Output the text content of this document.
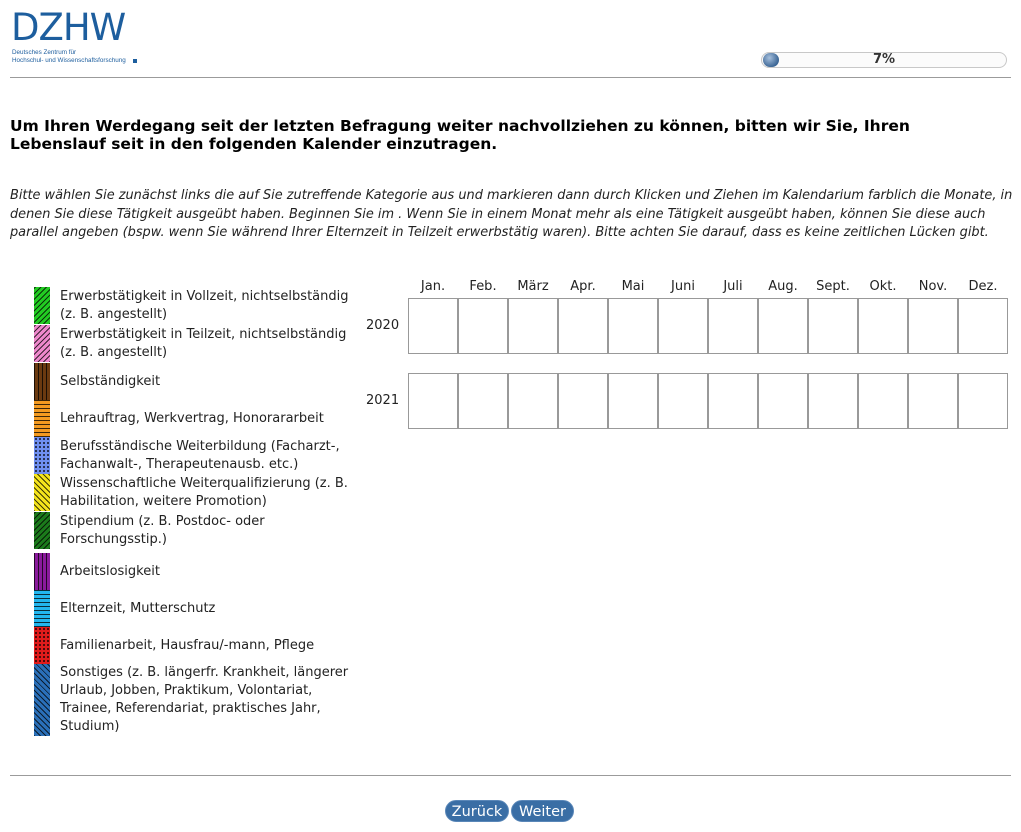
DZHW
Deutsches Zentrum für
Hochschul- und Wissenschaftsforschung	7%
Um Ihren Werdegang seit der letzten Befragung weiter nachvollziehen zu können, bitten wir Sie, Ihren Lebenslauf seit in den folgenden Kalender einzutragen.
Bitte wählen Sie zunächst links die auf Sie zutreffende Kategorie aus und markieren dann durch Klicken und Ziehen im Kalendarium farblich die Monate, in denen Sie diese Tätigkeit ausgeübt haben. Beginnen Sie im . Wenn Sie in einem Monat mehr als eine Tätigkeit ausgeübt haben, können Sie diese auch parallel angeben (bspw. wenn Sie während Ihrer Elternzeit in Teilzeit erwerbstätig waren). Bitte achten Sie darauf, dass es keine zeitlichen Lücken gibt.
Erwerbstätigkeit in Vollzeit, nichtselbständig (z. B. angestellt)
Erwerbstätigkeit in Teilzeit, nichtselbständig (z. B. angestellt)
Selbständigkeit
Lehrauftrag, Werkvertrag, Honorararbeit
Berufsständische Weiterbildung (Facharzt-, Fachanwalt-, Therapeutenausb. etc.)
Wissenschaftliche Weiterqualifizierung (z. B. Habilitation, weitere Promotion)
Stipendium (z. B. Postdoc- oder Forschungsstip.)
Arbeitslosigkeit
Elternzeit, Mutterschutz
Familienarbeit, Hausfrau/-mann, Pflege
Sonstiges (z. B. längerfr. Krankheit, längerer Urlaub, Jobben, Praktikum, Volontariat, Trainee, Referendariat, praktisches Jahr, Studium)
Jan.	Feb.	März	Apr.	Mai	Juni	Juli	Aug.	Sept.	Okt.	Nov.	Dez.
2020
2021
Zurück	Weiter
